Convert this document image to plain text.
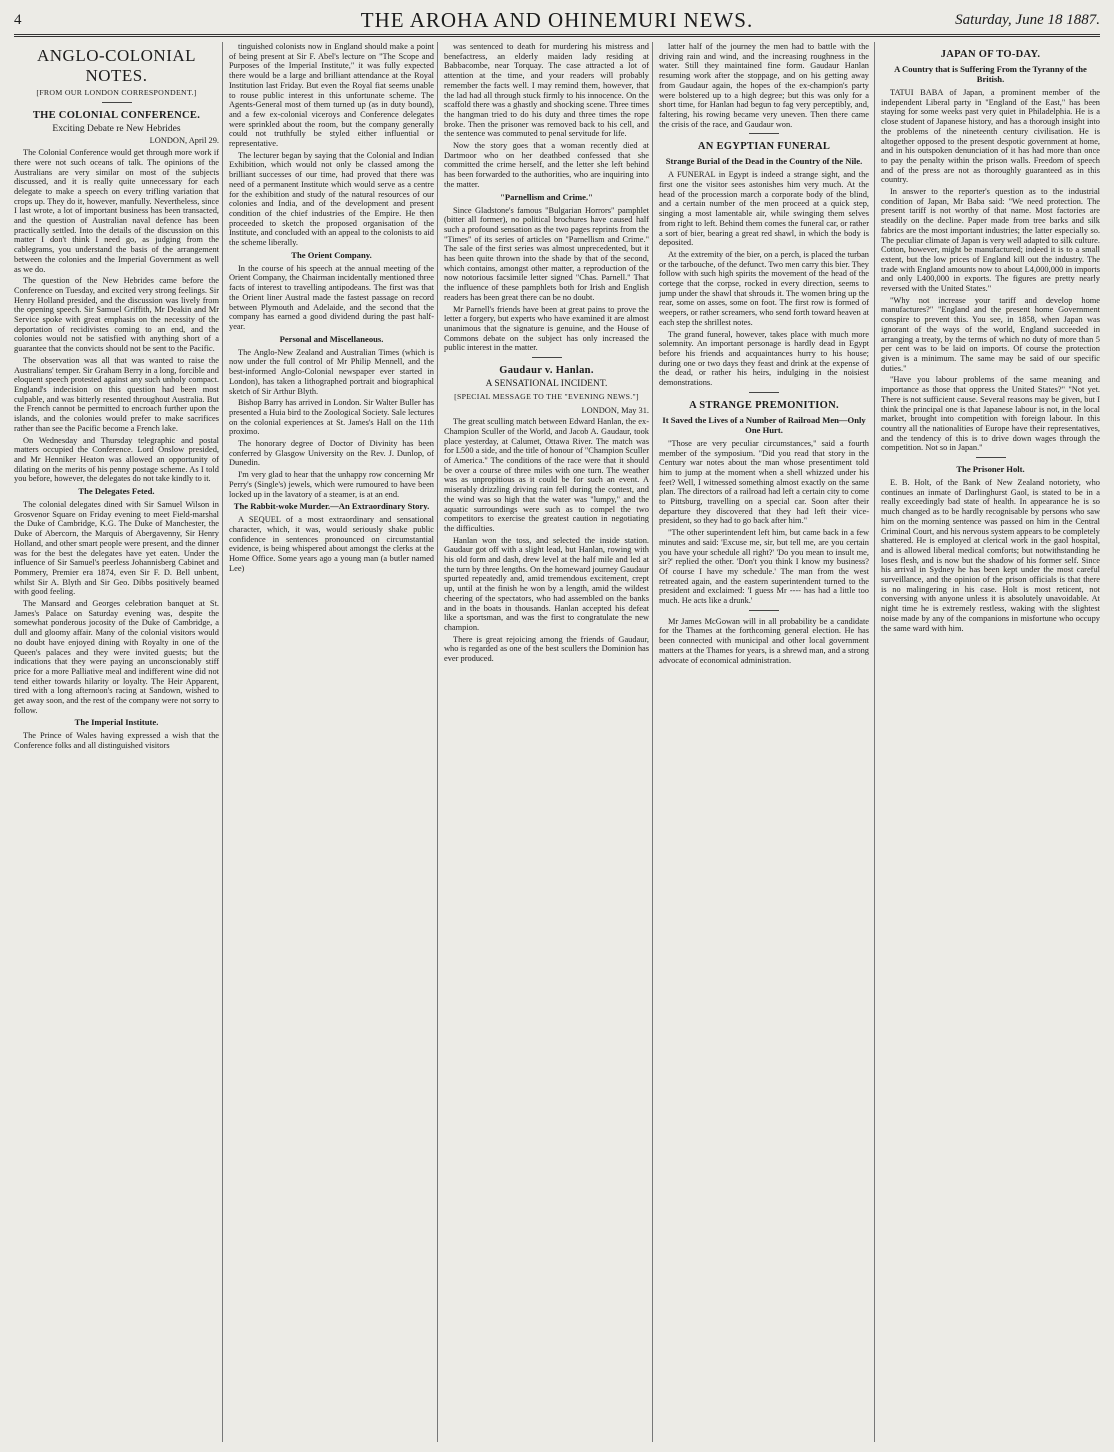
4	THE AROHA AND OHINEMURI NEWS.	Saturday, June 18 1887.
ANGLO-COLONIAL NOTES.
[FROM OUR LONDON CORRESPONDENT.]
THE COLONIAL CONFERENCE.
Exciting Debate re New Hebrides
LONDON, April 29.

The Colonial Conference would get through more work if there were not such oceans of talk. The opinions of the Australians are very similar on most of the subjects discussed, and it is really quite unnecessary for each delegate to make a speech on every trifling variation that crops up. They do it, however, manfully. Nevertheless, since I last wrote, a lot of important business has been transacted, and the question of Australian naval defence has been practically settled. Into the details of the discussion on this matter I don't think I need go, as judging from the cablegrams, you understand the basis of the arrangement between the colonies and the Imperial Government as well as we do.

The question of the New Hebrides came before the Conference on Tuesday, and excited very strong feelings. Sir Henry Holland presided, and the discussion was lively from the opening speech. Sir Samuel Griffith, Mr Deakin and Mr Service spoke with great emphasis on the necessity of the deportation of recidivistes coming to an end, and the colonies would not be satisfied with anything short of a guarantee that the convicts should not be sent to the Pacific.

The observation was all that was wanted to raise the Australians' temper. Sir Graham Berry in a long, forcible and eloquent speech protested against any such unholy compact. England's indecision on this question had been most culpable, and was bitterly resented throughout Australia. But the French cannot be permitted to encroach further upon the islands, and the colonies would prefer to make sacrifices rather than see the Pacific become a French lake.

On Wednesday and Thursday telegraphic and postal matters occupied the Conference. Lord Onslow presided, and Mr Henniker Heaton was allowed an opportunity of dilating on the merits of his penny postage scheme. As I told you before, however, the delegates do not take kindly to it.

The Delegates Feted.

The colonial delegates dined with Sir Samuel Wilson in Grosvenor Square on Friday evening to meet Field-marshal the Duke of Cambridge, K.G. The Duke of Manchester, the Duke of Abercorn, the Marquis of Abergavenny, Sir Henry Holland, and other smart people were present, and the dinner was for the best the delegates have yet eaten. Under the influence of Sir Samuel's peerless Johannisberg Cabinet and Pommery, Premier era 1874, even Sir F. D. Bell unbent, whilst Sir A. Blyth and Sir Geo. Dibbs positively beamed with good feeling.

The Mansard and Georges celebration banquet at St. James's Palace on Saturday evening was, despite the somewhat ponderous jocosity of the Duke of Cambridge, a dull and gloomy affair. Many of the colonial visitors would no doubt have enjoyed dining with Royalty in one of the Queen's palaces and they were invited guests; but the indications that they were paying an unconscionably stiff price for a more Palliative meal and indifferent wine did not tend either towards hilarity or loyalty. The Heir Apparent, tired with a long afternoon's racing at Sandown, wished to get away soon, and the rest of the company were not sorry to follow.

The Imperial Institute.

The Prince of Wales having expressed a wish that the Conference folks and all distinguished visitors

tinguished colonists now in England should make a point of being present at Sir F. Abel's lecture on "The Scope and Purposes of the Imperial Institute," it was fully expected there would be a large and brilliant attendance at the Royal Institution last Friday. But even the Royal fiat seems unable to rouse public interest in this unfortunate scheme. The Agents-General most of them turned up (as in duty bound), and a few ex-colonial viceroys and Conference delegates were sprinkled about the room, but the company generally could not truthfully be styled either influential or representative.

The lecturer began by saying that the Colonial and Indian Exhibition, which would not only be classed among the brilliant successes of our time, had proved that there was need of a permanent Institute which would serve as a centre for the exhibition and study of the natural resources of our colonies and India, and of the development and present condition of the chief industries of the Empire. He then proceeded to sketch the proposed organisation of the Institute, and concluded with an appeal to the colonists to aid the scheme liberally.

The Orient Company.

In the course of his speech at the annual meeting of the Orient Company, the Chairman incidentally mentioned three facts of interest to travelling antipodeans. The first was that the Orient liner Austral made the fastest passage on record between Plymouth and Adelaide, and the second that the company has earned a good dividend during the past half-year.

Personal and Miscellaneous.

The Anglo-New Zealand and Australian Times (which is now under the full control of Mr Philip Mennell, and the best-informed Anglo-Colonial newspaper ever started in London), has taken a lithographed portrait and biographical sketch of Sir Arthur Blyth.

Bishop Barry has arrived in London. Sir Walter Buller has presented a Huia bird to the Zoological Society. Sale lectures on the colonial experiences at St. James's Hall on the 11th proximo.

The honorary degree of Doctor of Divinity has been conferred by Glasgow University on the Rev. J. Dunlop, of Dunedin.

I'm very glad to hear that the unhappy row concerning Mr Perry's (Single's) jewels, which were rumoured to have been locked up in the lavatory of a steamer, is at an end.

The Rabbit-woke Murder.—An Extraordinary Story.

A SEQUEL of a most extraordinary and sensational character, which, it was, would seriously shake public confidence in sentences pronounced on circumstantial evidence, is being whispered about amongst the clerks at the Home Office. Some years ago a young man (a butler named Lee)

was sentenced to death for murdering his mistress and benefactress, an elderly maiden lady residing at Babbacombe, near Torquay. The case attracted a lot of attention at the time, and your readers will probably remember the facts well. I may remind them, however, that the lad had all through stuck firmly to his innocence. On the scaffold there was a ghastly and shocking scene. Three times the hangman tried to do his duty and three times the rope broke. Then the prisoner was removed back to his cell, and the sentence was commuted to penal servitude for life.

Now the story goes that a woman recently died at Dartmoor who on her deathbed confessed that she committed the crime herself, and the letter she left behind has been forwarded to the authorities, who are inquiring into the matter.

"Parnellism and Crime."

Since Gladstone's famous "Bulgarian Horrors" pamphlet (bitter all former), no political brochures have caused half such a profound sensation as the two pages reprints from the "Times" of its series of articles on "Parnellism and Crime." The sale of the first series was almost unprecedented, but it has been quite thrown into the shade by that of the second, which contains, amongst other matter, a reproduction of the now notorious facsimile letter signed "Chas. Parnell." That the influence of these pamphlets both for Irish and English readers has been great there can be no doubt.

Mr Parnell's friends have been at great pains to prove the letter a forgery, but experts who have examined it are almost unanimous that the signature is genuine, and the House of Commons debate on the subject has only increased the public interest in the matter.

Gaudaur v. Hanlan.
A SENSATIONAL INCIDENT.
[SPECIAL MESSAGE TO THE "EVENING NEWS."]
LONDON, May 31.

The great sculling match between Edward Hanlan, the ex-Champion Sculler of the World, and Jacob A. Gaudaur, took place yesterday, at Calumet, Ottawa River. The match was for L500 a side, and the title of honour of "Champion Sculler of America." The conditions of the race were that it should be over a course of three miles with one turn. The weather was as unpropitious as it could be for such an event. A miserably drizzling driving rain fell during the contest, and the wind was so high that the water was "lumpy," and the aquatic surroundings were such as to compel the two competitors to exercise the greatest caution in negotiating the difficulties.

Hanlan won the toss, and selected the inside station. Gaudaur got off with a slight lead, but Hanlan, rowing with his old form and dash, drew level at the half mile and led at the turn by three lengths. On the homeward journey Gaudaur spurted repeatedly and, amid tremendous excitement, crept up, until at the finish he won by a length, amid the wildest cheering of the spectators, who had assembled on the banks and in the boats in thousands. Hanlan accepted his defeat like a sportsman, and was the first to congratulate the new champion.

There is great rejoicing among the friends of Gaudaur, who is regarded as one of the best scullers the Dominion has ever produced.

latter half of the journey the men had to battle with the driving rain and wind, and the increasing roughness in the water. Still they maintained fine form. Gaudaur Hanlan resuming work after the stoppage, and on his getting away from Gaudaur again, the hopes of the ex-champion's party were bolstered up to a high degree; but this was only for a short time, for Hanlan had begun to fag very perceptibly, and, faltering, his rowing became very uneven. Then there came the crisis of the race, and Gaudaur won.

AN EGYPTIAN FUNERAL
Strange Burial of the Dead in the Country of the Nile.

A FUNERAL in Egypt is indeed a strange sight, and the first one the visitor sees astonishes him very much. At the head of the procession march a corporate body of the blind, and a certain number of the men proceed at a quick step, singing a most lamentable air, while swinging them selves from right to left. Behind them comes the funeral car, or rather a sort of bier, bearing a great red shawl, in which the body is deposited.

At the extremity of the bier, on a perch, is placed the turban or the tarbouche, of the defunct. Two men carry this bier. They follow with such high spirits the movement of the head of the cortege that the corpse, rocked in every direction, seems to jump under the shawl that shrouds it. The women bring up the rear, some on asses, some on foot. The first row is formed of weepers, or rather screamers, who send forth toward heaven at each step the shrillest notes.

The grand funeral, however, takes place with much more solemnity. An important personage is hardly dead in Egypt before his friends and acquaintances hurry to his house; during one or two days they feast and drink at the expense of the dead, or rather his heirs, indulging in the noisiest demonstrations.

A STRANGE PREMONITION.
It Saved the Lives of a Number of Railroad Men—Only One Hurt.

"Those are very peculiar circumstances," said a fourth member of the symposium. "Did you read that story in the Century war notes about the man whose presentiment told him to jump at the moment when a shell whizzed under his feet? Well, I witnessed something almost exactly on the same plan. The directors of a railroad had left a certain city to come to Pittsburg, travelling on a special car. Soon after their departure they discovered that they had left their vice-president, so they had to go back after him."

"The other superintendent left him, but came back in a few minutes and said: 'Excuse me, sir, but tell me, are you certain you have your schedule all right?' 'Do you mean to insult me, sir?' replied the other. 'Don't you think I know my business? Of course I have my schedule.' The man from the west retreated again, and the eastern superintendent turned to the president and exclaimed: 'I guess Mr ---- has had a little too much. He acts like a drunk.'

Mr James McGowan will in all probability be a candidate for the Thames at the forthcoming general election. He has been connected with municipal and other local government matters at the Thames for years, is a shrewd man, and a strong advocate of economical administration.

JAPAN OF TO-DAY.
A Country that is Suffering From the Tyranny of the British.

TATUI BABA of Japan, a prominent member of the independent Liberal party in "England of the East," has been staying for some weeks past very quiet in Philadelphia. He is a close student of Japanese history, and has a thorough insight into the problems of the nineteenth century civilisation. He is altogether opposed to the present despotic government at home, and in his outspoken denunciation of it has had more than once to pay the penalty within the prison walls. Freedom of speech and of the press are not as thoroughly guaranteed as in this country.

In answer to the reporter's question as to the industrial condition of Japan, Mr Baba said: "We need protection. The present tariff is not worthy of that name. Most factories are steadily on the decline. Paper made from tree barks and silk fabrics are the most important industries; the latter especially so. The peculiar climate of Japan is very well adapted to silk culture. Cotton, however, might be manufactured; indeed it is to a small extent, but the low prices of England kill out the industry. The trade with England amounts now to about L4,000,000 in imports and only L400,000 in exports. The figures are pretty nearly reversed with the United States."

"Why not increase your tariff and develop home manufactures?" "England and the present home Government conspire to prevent this. You see, in 1858, when Japan was ignorant of the ways of the world, England succeeded in arranging a treaty, by the terms of which no duty of more than 5 per cent was to be laid on imports. Of course the protection given is a minimum. The same may be said of our specific duties."

"Have you labour problems of the same meaning and importance as those that oppress the United States?" "Not yet. There is not sufficient cause. Several reasons may be given, but I think the principal one is that Japanese labour is not, in the local market, brought into competition with foreign labour. In this country all the nationalities of Europe have their representatives, and the tendency of this is to drive down wages through the competition. Not so in Japan."

The Prisoner Holt.

E. B. Holt, of the Bank of New Zealand notoriety, who continues an inmate of Darlinghurst Gaol, is stated to be in a really exceedingly bad state of health. In appearance he is so much changed as to be hardly recognisable by persons who saw him on the morning sentence was passed on him in the Central Criminal Court, and his nervous system appears to be completely shattered. He is employed at clerical work in the gaol hospital, and is allowed liberal medical comforts; but notwithstanding he loses flesh, and is now but the shadow of his former self. Since his arrival in Sydney he has been kept under the most careful surveillance, and the opinion of the prison officials is that there is no malingering in his case. Holt is most reticent, not conversing with anyone unless it is absolutely unavoidable. At night time he is extremely restless, waking with the slightest noise made by any of the companions in misfortune who occupy the same ward with him.
